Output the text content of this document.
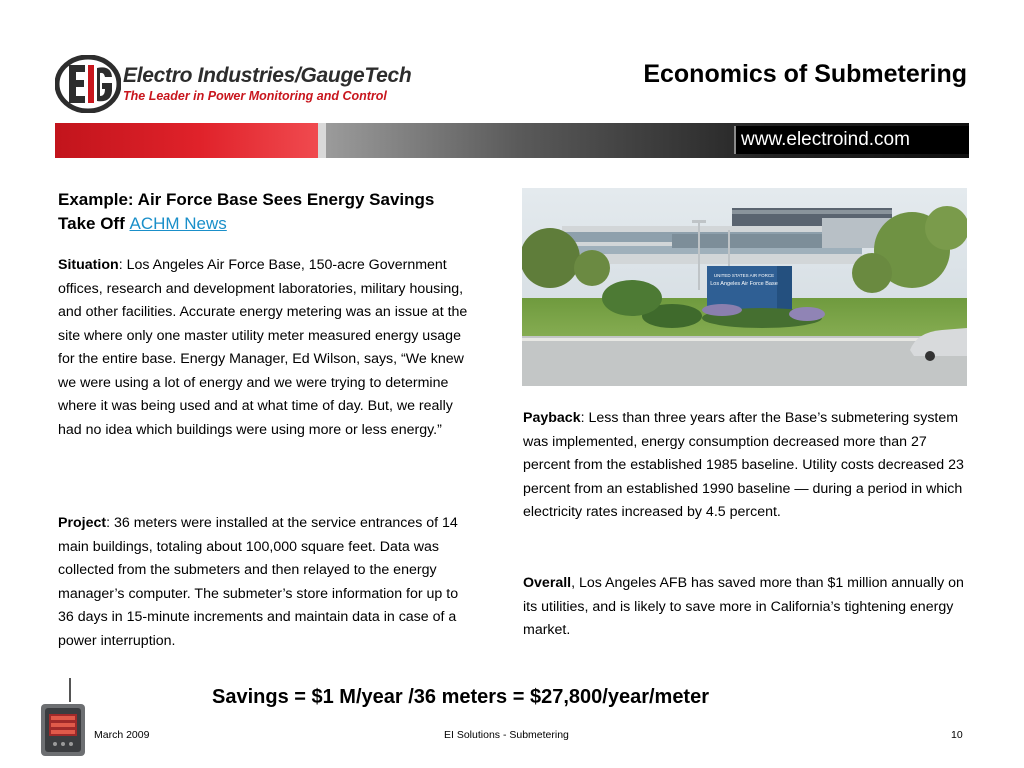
Electro Industries/GaugeTech
The Leader in Power Monitoring and Control
Economics of Submetering
www.electroind.com
Example: Air Force Base Sees Energy Savings Take Off ACHM News
Situation: Los Angeles Air Force Base, 150-acre Government offices, research and development laboratories, military housing, and other facilities. Accurate energy metering was an issue at the site where only one master utility meter measured energy usage for the entire base. Energy Manager, Ed Wilson, says, “We knew we were using a lot of energy and we were trying to determine where it was being used and at what time of day. But, we really had no idea which buildings were using more or less energy.”
Project: 36 meters were installed at the service entrances of 14 main buildings, totaling about 100,000 square feet. Data was collected from the submeters and then relayed to the energy manager’s computer. The submeter’s store information for up to 36 days in 15-minute increments and maintain data in case of a power interruption.
UNITED STATES AIR FORCE
Los Angeles Air Force Base
Payback: Less than three years after the Base’s submetering system was implemented, energy consumption decreased more than 27 percent from the established 1985 baseline. Utility costs decreased 23 percent from an established 1990 baseline — during a period in which electricity rates increased by 4.5 percent.
Overall, Los Angeles AFB has saved more than $1 million annually on its utilities, and is likely to save more in California’s tightening energy market.
Savings = $1 M/year /36 meters = $27,800/year/meter
March 2009	EI Solutions - Submetering	10
